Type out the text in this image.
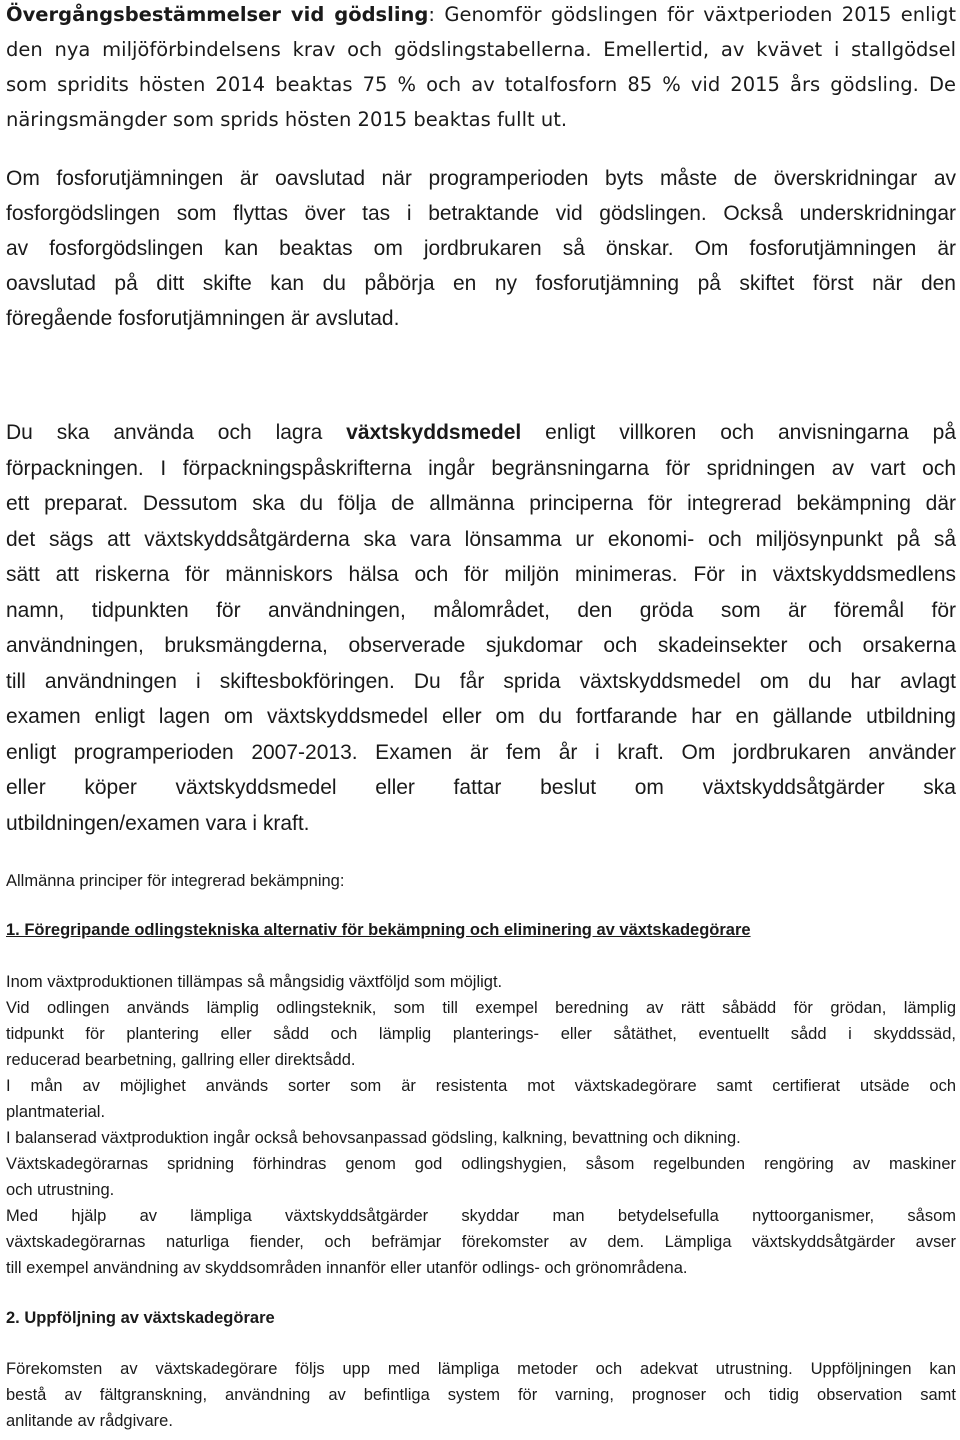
Övergångsbestämmelser vid gödsling: Genomför gödslingen för växtperioden 2015 enligt
den nya miljöförbindelsens krav och gödslingstabellerna. Emellertid, av kvävet i stallgödsel
som spridits hösten 2014 beaktas 75 % och av totalfosforn 85 % vid 2015 års gödsling. De
näringsmängder som sprids hösten 2015 beaktas fullt ut.

Om fosforutjämningen är oavslutad när programperioden byts måste de överskridningar av
fosforgödslingen som flyttas över tas i betraktande vid gödslingen. Också underskridningar
av fosforgödslingen kan beaktas om jordbrukaren så önskar. Om fosforutjämningen är
oavslutad på ditt skifte kan du påbörja en ny fosforutjämning på skiftet först när den
föregående fosforutjämningen är avslutad.

Du ska använda och lagra växtskyddsmedel enligt villkoren och anvisningarna på
förpackningen. I förpackningspåskrifterna ingår begränsningarna för spridningen av vart och
ett preparat. Dessutom ska du följa de allmänna principerna för integrerad bekämpning där
det sägs att växtskyddsåtgärderna ska vara lönsamma ur ekonomi- och miljösynpunkt på så
sätt att riskerna för människors hälsa och för miljön minimeras. För in växtskyddsmedlens
namn, tidpunkten för användningen, målområdet, den gröda som är föremål för
användningen, bruksmängderna, observerade sjukdomar och skadeinsekter och orsakerna
till användningen i skiftesbokföringen. Du får sprida växtskyddsmedel om du har avlagt
examen enligt lagen om växtskyddsmedel eller om du fortfarande har en gällande utbildning
enligt programperioden 2007-2013. Examen är fem år i kraft. Om jordbrukaren använder
eller köper växtskyddsmedel eller fattar beslut om växtskyddsåtgärder ska
utbildningen/examen vara i kraft.

Allmänna principer för integrerad bekämpning:

1. Föregripande odlingstekniska alternativ för bekämpning och eliminering av växtskadegörare

Inom växtproduktionen tillämpas så mångsidig växtföljd som möjligt.
Vid odlingen används lämplig odlingsteknik, som till exempel beredning av rätt såbädd för grödan, lämplig
tidpunkt för plantering eller sådd och lämplig planterings- eller såtäthet, eventuellt sådd i skyddssäd,
reducerad bearbetning, gallring eller direktsådd.
I mån av möjlighet används sorter som är resistenta mot växtskadegörare samt certifierat utsäde och
plantmaterial.
I balanserad växtproduktion ingår också behovsanpassad gödsling, kalkning, bevattning och dikning.
Växtskadegörarnas spridning förhindras genom god odlingshygien, såsom regelbunden rengöring av maskiner
och utrustning.
Med hjälp av lämpliga växtskyddsåtgärder skyddar man betydelsefulla nyttoorganismer, såsom
växtskadegörarnas naturliga fiender, och befrämjar förekomster av dem. Lämpliga växtskyddsåtgärder avser
till exempel användning av skyddsområden innanför eller utanför odlings- och grönområdena.

2. Uppföljning av växtskadegörare

Förekomsten av växtskadegörare följs upp med lämpliga metoder och adekvat utrustning. Uppföljningen kan
bestå av fältgranskning, användning av befintliga system för varning, prognoser och tidig observation samt
anlitande av rådgivare.
